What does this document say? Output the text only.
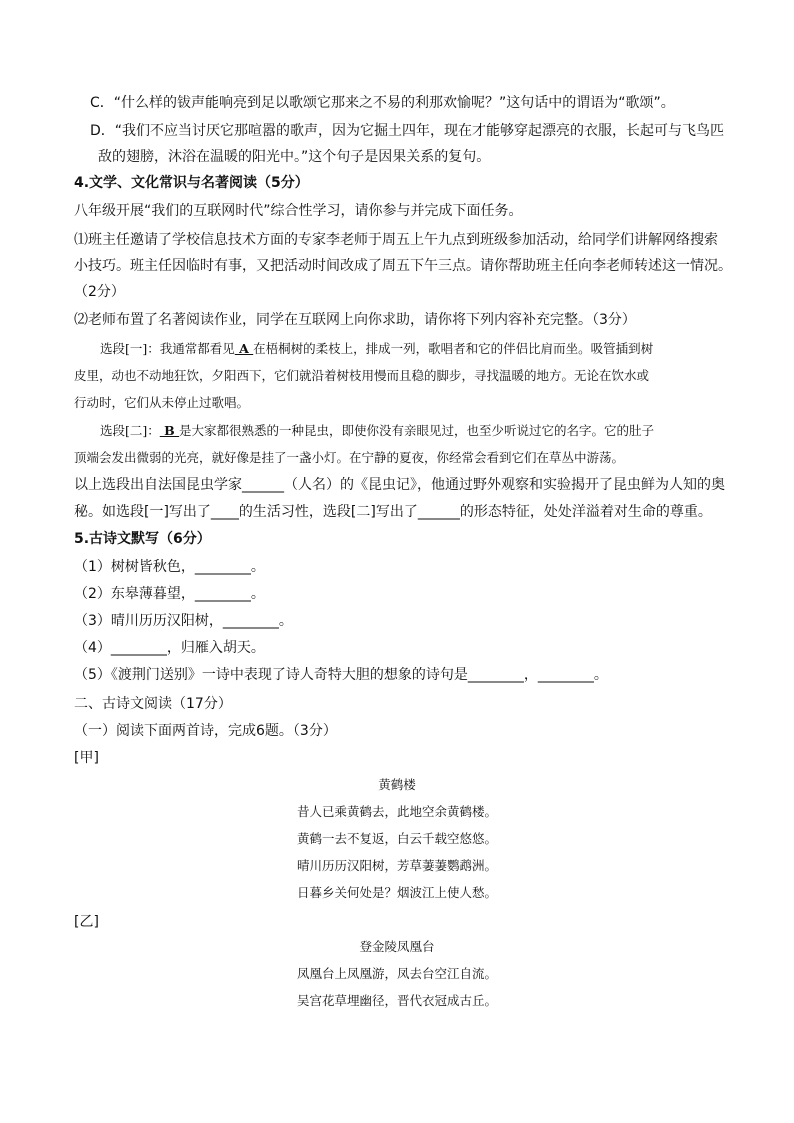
C．“什么样的钹声能响亮到足以歌颂它那来之不易的利那欢愉呢？”这句话中的谓语为“歌颂”。
D．“我们不应当讨厌它那喧嚣的歌声，因为它掘土四年，现在才能够穿起漂亮的衣服，长起可与飞鸟匹
敌的翅膀，沐浴在温暖的阳光中。”这个句子是因果关系的复句。
4.文学、文化常识与名著阅读（5分）
八年级开展“我们的互联网时代”综合性学习，请你参与并完成下面任务。
⑴班主任邀请了学校信息技术方面的专家李老师于周五上午九点到班级参加活动，给同学们讲解网络搜索
小技巧。班主任因临时有事，又把活动时间改成了周五下午三点。请你帮助班主任向李老师转述这一情况。
（2分）
⑵老师布置了名著阅读作业，同学在互联网上向你求助，请你将下列内容补充完整。（3分）
选段[一]：我通常都看见 A 在梧桐树的柔枝上，排成一列，歌唱者和它的伴侣比肩而坐。吸管插到树
皮里，动也不动地狂饮，夕阳西下，它们就沿着树枝用慢而且稳的脚步，寻找温暖的地方。无论在饮水或
行动时，它们从未停止过歌唱。
选段[二]： B 是大家都很熟悉的一种昆虫，即使你没有亲眼见过，也至少听说过它的名字。它的肚子
顶端会发出微弱的光亮，就好像是挂了一盏小灯。在宁静的夏夜，你经常会看到它们在草丛中游荡。
以上选段出自法国昆虫学家______（人名）的《昆虫记》，他通过野外观察和实验揭开了昆虫鲜为人知的奥
秘。如选段[一]写出了____的生活习性，选段[二]写出了______的形态特征，处处洋溢着对生命的尊重。
5.古诗文默写（6分）
（1）树树皆秋色，________。
（2）东皋薄暮望，________。
（3）晴川历历汉阳树，________。
（4）________，归雁入胡天。
（5）《渡荆门送别》一诗中表现了诗人奇特大胆的想象的诗句是________，________。
二、古诗文阅读（17分）
（一）阅读下面两首诗，完成6题。（3分）
[甲]
黄鹤楼
昔人已乘黄鹤去，此地空余黄鹤楼。
黄鹤一去不复返，白云千载空悠悠。
晴川历历汉阳树，芳草萋萋鹦鹉洲。
日暮乡关何处是？烟波江上使人愁。
[乙]
登金陵凤凰台
凤凰台上凤凰游，凤去台空江自流。
吴宫花草埋幽径，晋代衣冠成古丘。
